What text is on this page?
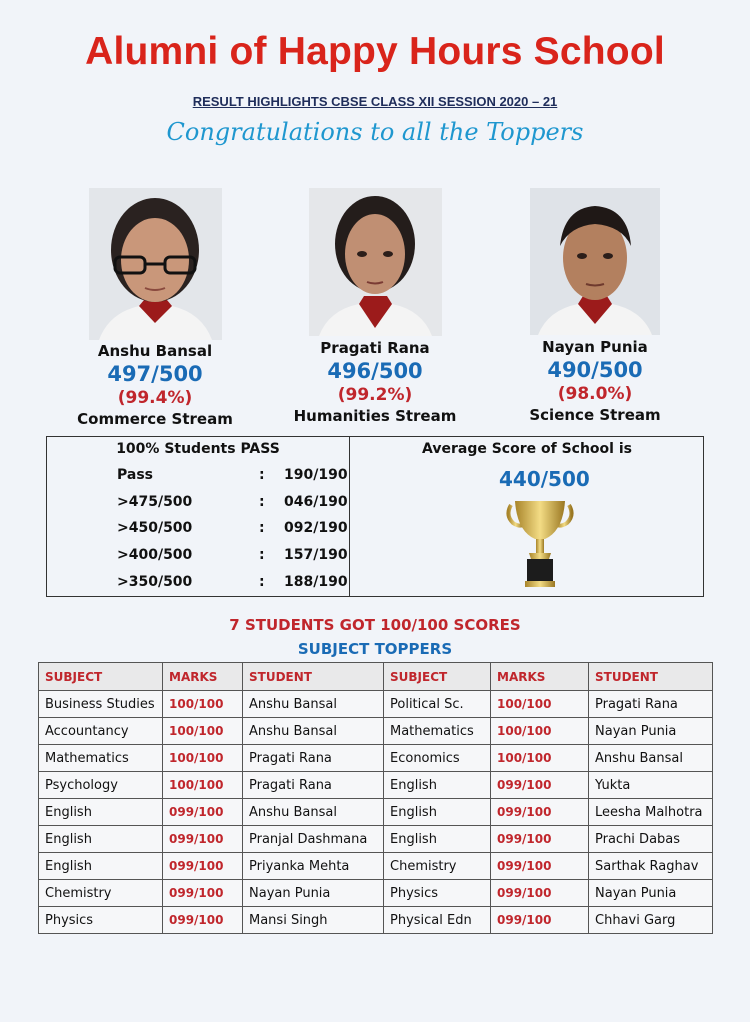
Alumni of Happy Hours School
RESULT HIGHLIGHTS CBSE CLASS XII SESSION 2020 – 21
Congratulations to all the Toppers
Anshu Bansal
497/500
(99.4%)
Commerce Stream
Pragati Rana
496/500
(99.2%)
Humanities Stream
Nayan Punia
490/500
(98.0%)
Science Stream
100% Students PASS
Pass	: 190/190
>475/500	: 046/190
>450/500	: 092/190
>400/500	: 157/190
>350/500	: 188/190
Average Score of School is
440/500
7 STUDENTS GOT 100/100 SCORES
SUBJECT TOPPERS
SUBJECT	MARKS	STUDENT	SUBJECT	MARKS	STUDENT
Business Studies	100/100	Anshu Bansal	Political Sc.	100/100	Pragati Rana
Accountancy	100/100	Anshu Bansal	Mathematics	100/100	Nayan Punia
Mathematics	100/100	Pragati Rana	Economics	100/100	Anshu Bansal
Psychology	100/100	Pragati Rana	English	099/100	Yukta
English	099/100	Anshu Bansal	English	099/100	Leesha Malhotra
English	099/100	Pranjal Dashmana	English	099/100	Prachi Dabas
English	099/100	Priyanka Mehta	Chemistry	099/100	Sarthak Raghav
Chemistry	099/100	Nayan Punia	Physics	099/100	Nayan Punia
Physics	099/100	Mansi Singh	Physical Edn	099/100	Chhavi Garg
